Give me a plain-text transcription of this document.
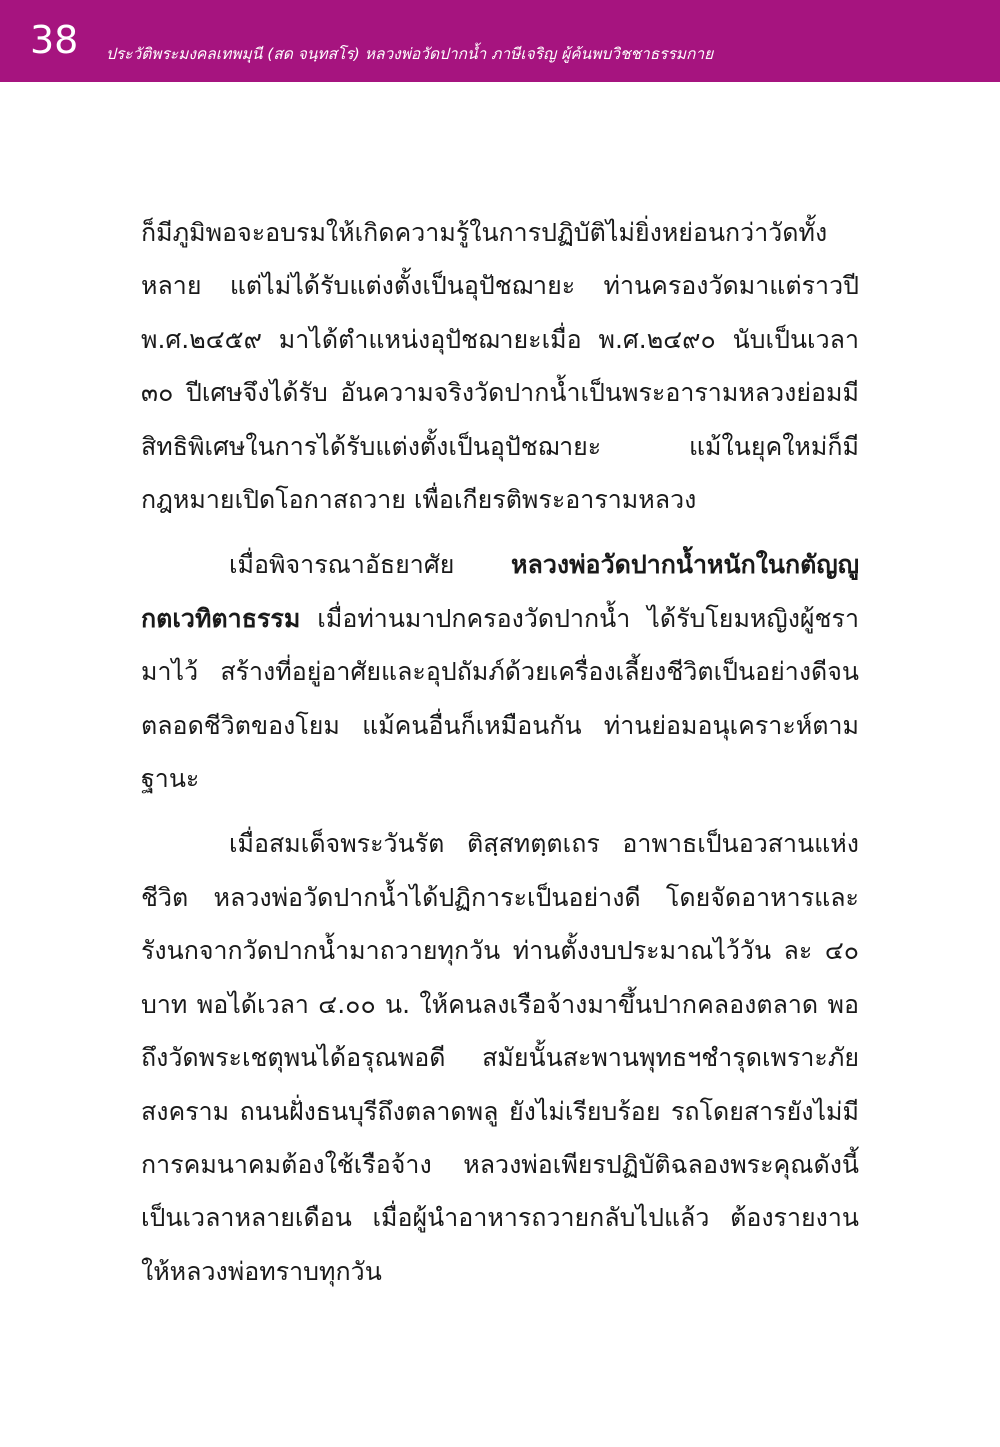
38 ประวัติพระมงคลเทพมุนี (สด จนฺทสโร) หลวงพ่อวัดปากน้ำ ภาษีเจริญ ผู้ค้นพบวิชชาธรรมกาย

ก็มีภูมิพอจะอบรมให้เกิดความรู้ในการปฏิบัติไม่ยิ่งหย่อนกว่าวัดทั้งหลาย แต่ไม่ได้รับแต่งตั้งเป็นอุปัชฌายะ ท่านครองวัดมาแต่ราวปี พ.ศ.๒๔๕๙ มาได้ตำแหน่งอุปัชฌายะเมื่อ พ.ศ.๒๔๙๐ นับเป็นเวลา ๓๐ ปีเศษจึงได้รับ อันความจริงวัดปากน้ำเป็นพระอารามหลวงย่อมมีสิทธิพิเศษในการได้รับแต่งตั้งเป็นอุปัชฌายะ แม้ในยุคใหม่ก็มีกฎหมายเปิดโอกาสถวาย เพื่อเกียรติพระอารามหลวง

เมื่อพิจารณาอัธยาศัย หลวงพ่อวัดปากน้ำหนักในกตัญญูกตเวทิตาธรรม เมื่อท่านมาปกครองวัดปากน้ำ ได้รับโยมหญิงผู้ชรามาไว้ สร้างที่อยู่อาศัยและอุปถัมภ์ด้วยเครื่องเลี้ยงชีวิตเป็นอย่างดีจนตลอดชีวิตของโยม แม้คนอื่นก็เหมือนกัน ท่านย่อมอนุเคราะห์ตามฐานะ

เมื่อสมเด็จพระวันรัต ติสฺสทตฺตเถร อาพาธเป็นอวสานแห่งชีวิต หลวงพ่อวัดปากน้ำได้ปฏิการะเป็นอย่างดี โดยจัดอาหารและรังนกจากวัดปากน้ำมาถวายทุกวัน ท่านตั้งงบประมาณไว้วัน ละ ๔๐ บาท พอได้เวลา ๔.๐๐ น. ให้คนลงเรือจ้างมาขึ้นปากคลองตลาด พอถึงวัดพระเชตุพนได้อรุณพอดี สมัยนั้นสะพานพุทธฯชำรุดเพราะภัยสงคราม ถนนฝั่งธนบุรีถึงตลาดพลู ยังไม่เรียบร้อย รถโดยสารยังไม่มี การคมนาคมต้องใช้เรือจ้าง หลวงพ่อเพียรปฏิบัติฉลองพระคุณดังนี้เป็นเวลาหลายเดือน เมื่อผู้นำอาหารถวายกลับไปแล้ว ต้องรายงานให้หลวงพ่อทราบทุกวัน
